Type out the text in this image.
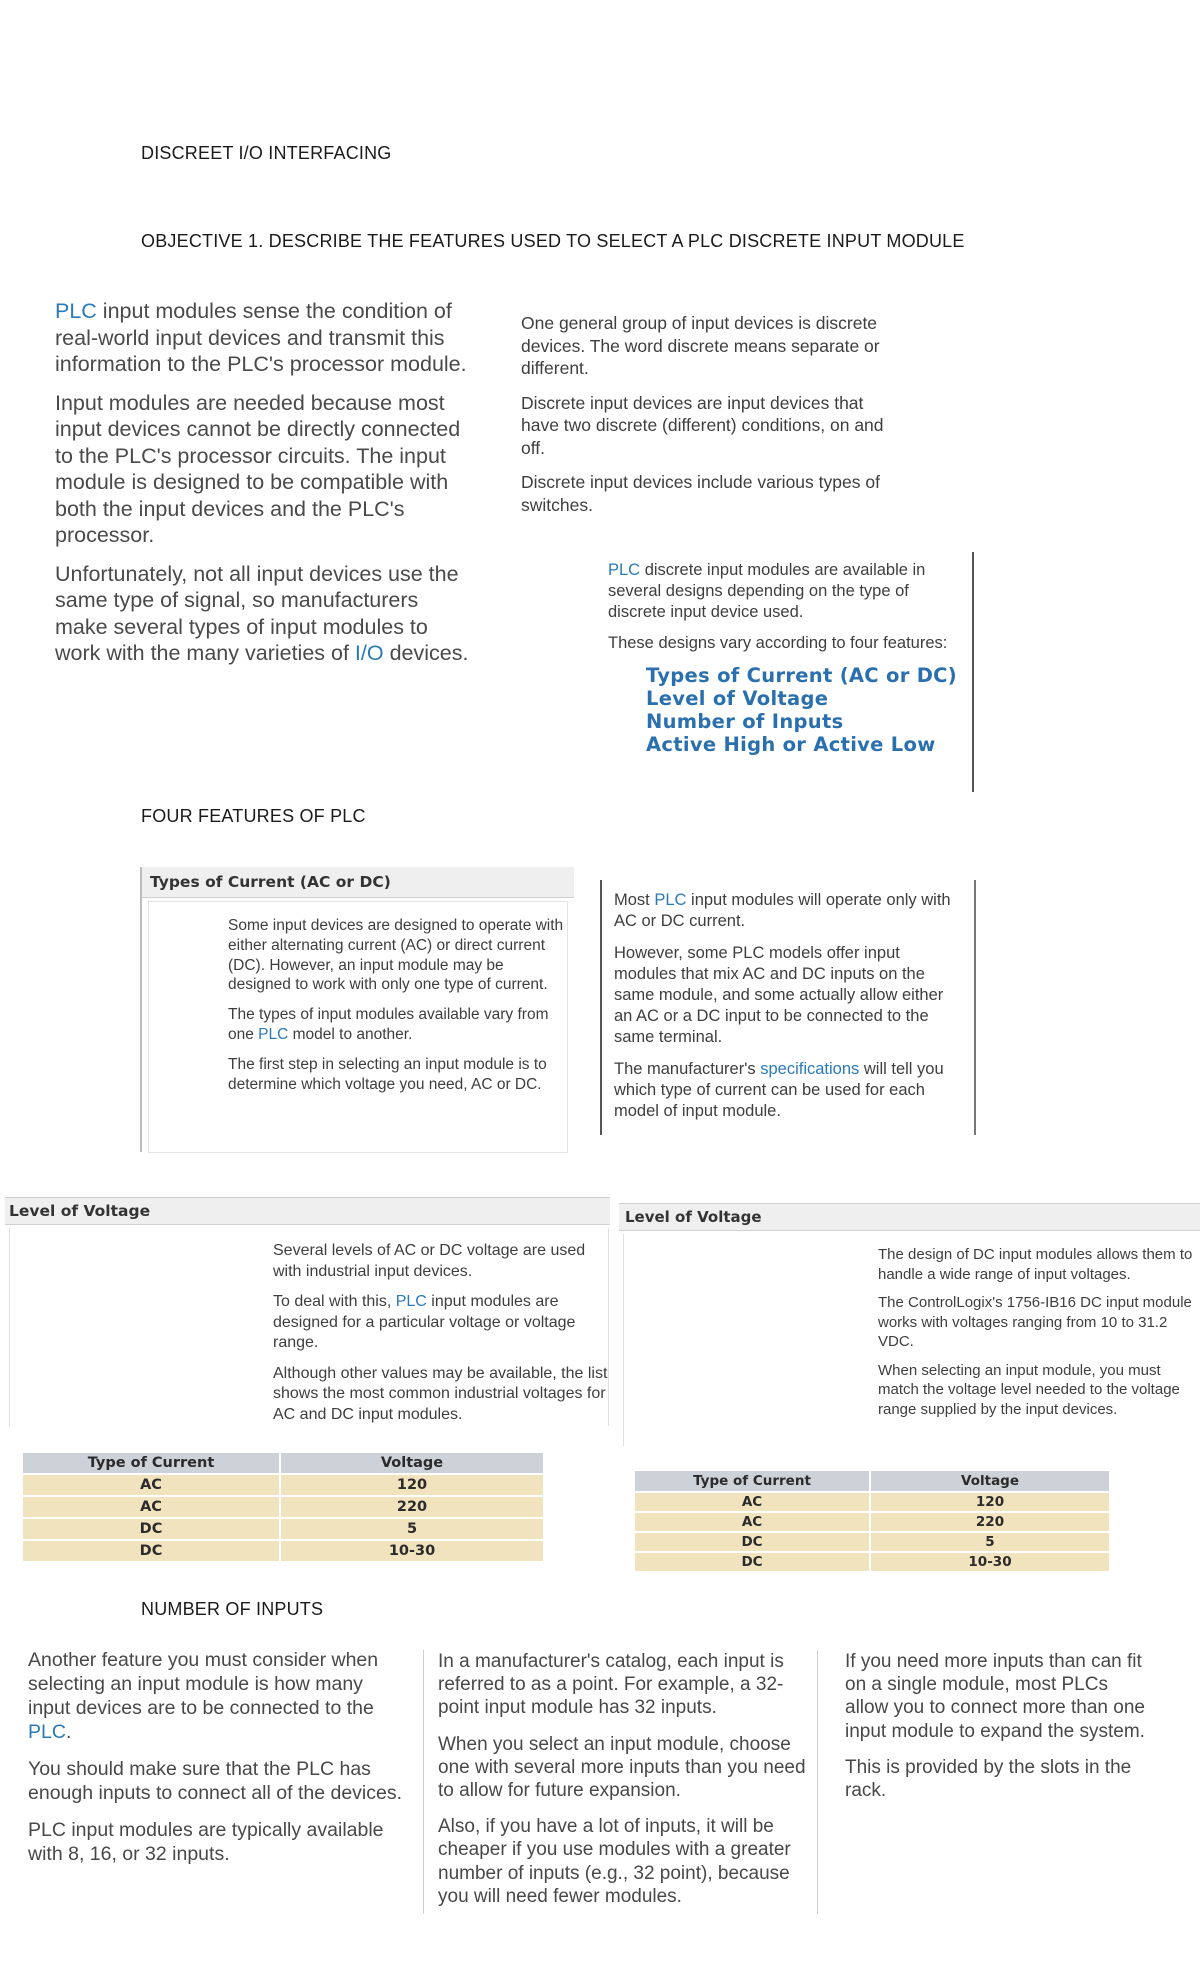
DISCREET I/O INTERFACING
OBJECTIVE 1. DESCRIBE THE FEATURES USED TO SELECT A PLC DISCRETE INPUT MODULE

PLC input modules sense the condition of real-world input devices and transmit this information to the PLC's processor module.

Input modules are needed because most input devices cannot be directly connected to the PLC's processor circuits. The input module is designed to be compatible with both the input devices and the PLC's processor.

Unfortunately, not all input devices use the same type of signal, so manufacturers make several types of input modules to work with the many varieties of I/O devices.

One general group of input devices is discrete devices. The word discrete means separate or different.

Discrete input devices are input devices that have two discrete (different) conditions, on and off.

Discrete input devices include various types of switches.

PLC discrete input modules are available in several designs depending on the type of discrete input device used.

These designs vary according to four features:

Types of Current (AC or DC)
Level of Voltage
Number of Inputs
Active High or Active Low
FOUR FEATURES OF PLC
Types of Current (AC or DC)

Some input devices are designed to operate with either alternating current (AC) or direct current (DC). However, an input module may be designed to work with only one type of current.

The types of input modules available vary from one PLC model to another.

The first step in selecting an input module is to determine which voltage you need, AC or DC.

Most PLC input modules will operate only with AC or DC current.

However, some PLC models offer input modules that mix AC and DC inputs on the same module, and some actually allow either an AC or a DC input to be connected to the same terminal.

The manufacturer's specifications will tell you which type of current can be used for each model of input module.

Level of Voltage

Several levels of AC or DC voltage are used with industrial input devices.

To deal with this, PLC input modules are designed for a particular voltage or voltage range.

Although other values may be available, the list shows the most common industrial voltages for AC and DC input modules.

Type of Current	Voltage
AC	120
AC	220
DC	5
DC	10-30
Level of Voltage

The design of DC input modules allows them to handle a wide range of input voltages.

The ControlLogix's 1756-IB16 DC input module works with voltages ranging from 10 to 31.2 VDC.

When selecting an input module, you must match the voltage level needed to the voltage range supplied by the input devices.

Type of Current	Voltage
AC	120
AC	220
DC	5
DC	10-30
NUMBER OF INPUTS

Another feature you must consider when selecting an input module is how many input devices are to be connected to the PLC.

You should make sure that the PLC has enough inputs to connect all of the devices.

PLC input modules are typically available with 8, 16, or 32 inputs.

In a manufacturer's catalog, each input is referred to as a point. For example, a 32-point input module has 32 inputs.

When you select an input module, choose one with several more inputs than you need to allow for future expansion.

Also, if you have a lot of inputs, it will be cheaper if you use modules with a greater number of inputs (e.g., 32 point), because you will need fewer modules.

If you need more inputs than can fit on a single module, most PLCs allow you to connect more than one input module to expand the system.

This is provided by the slots in the rack.
